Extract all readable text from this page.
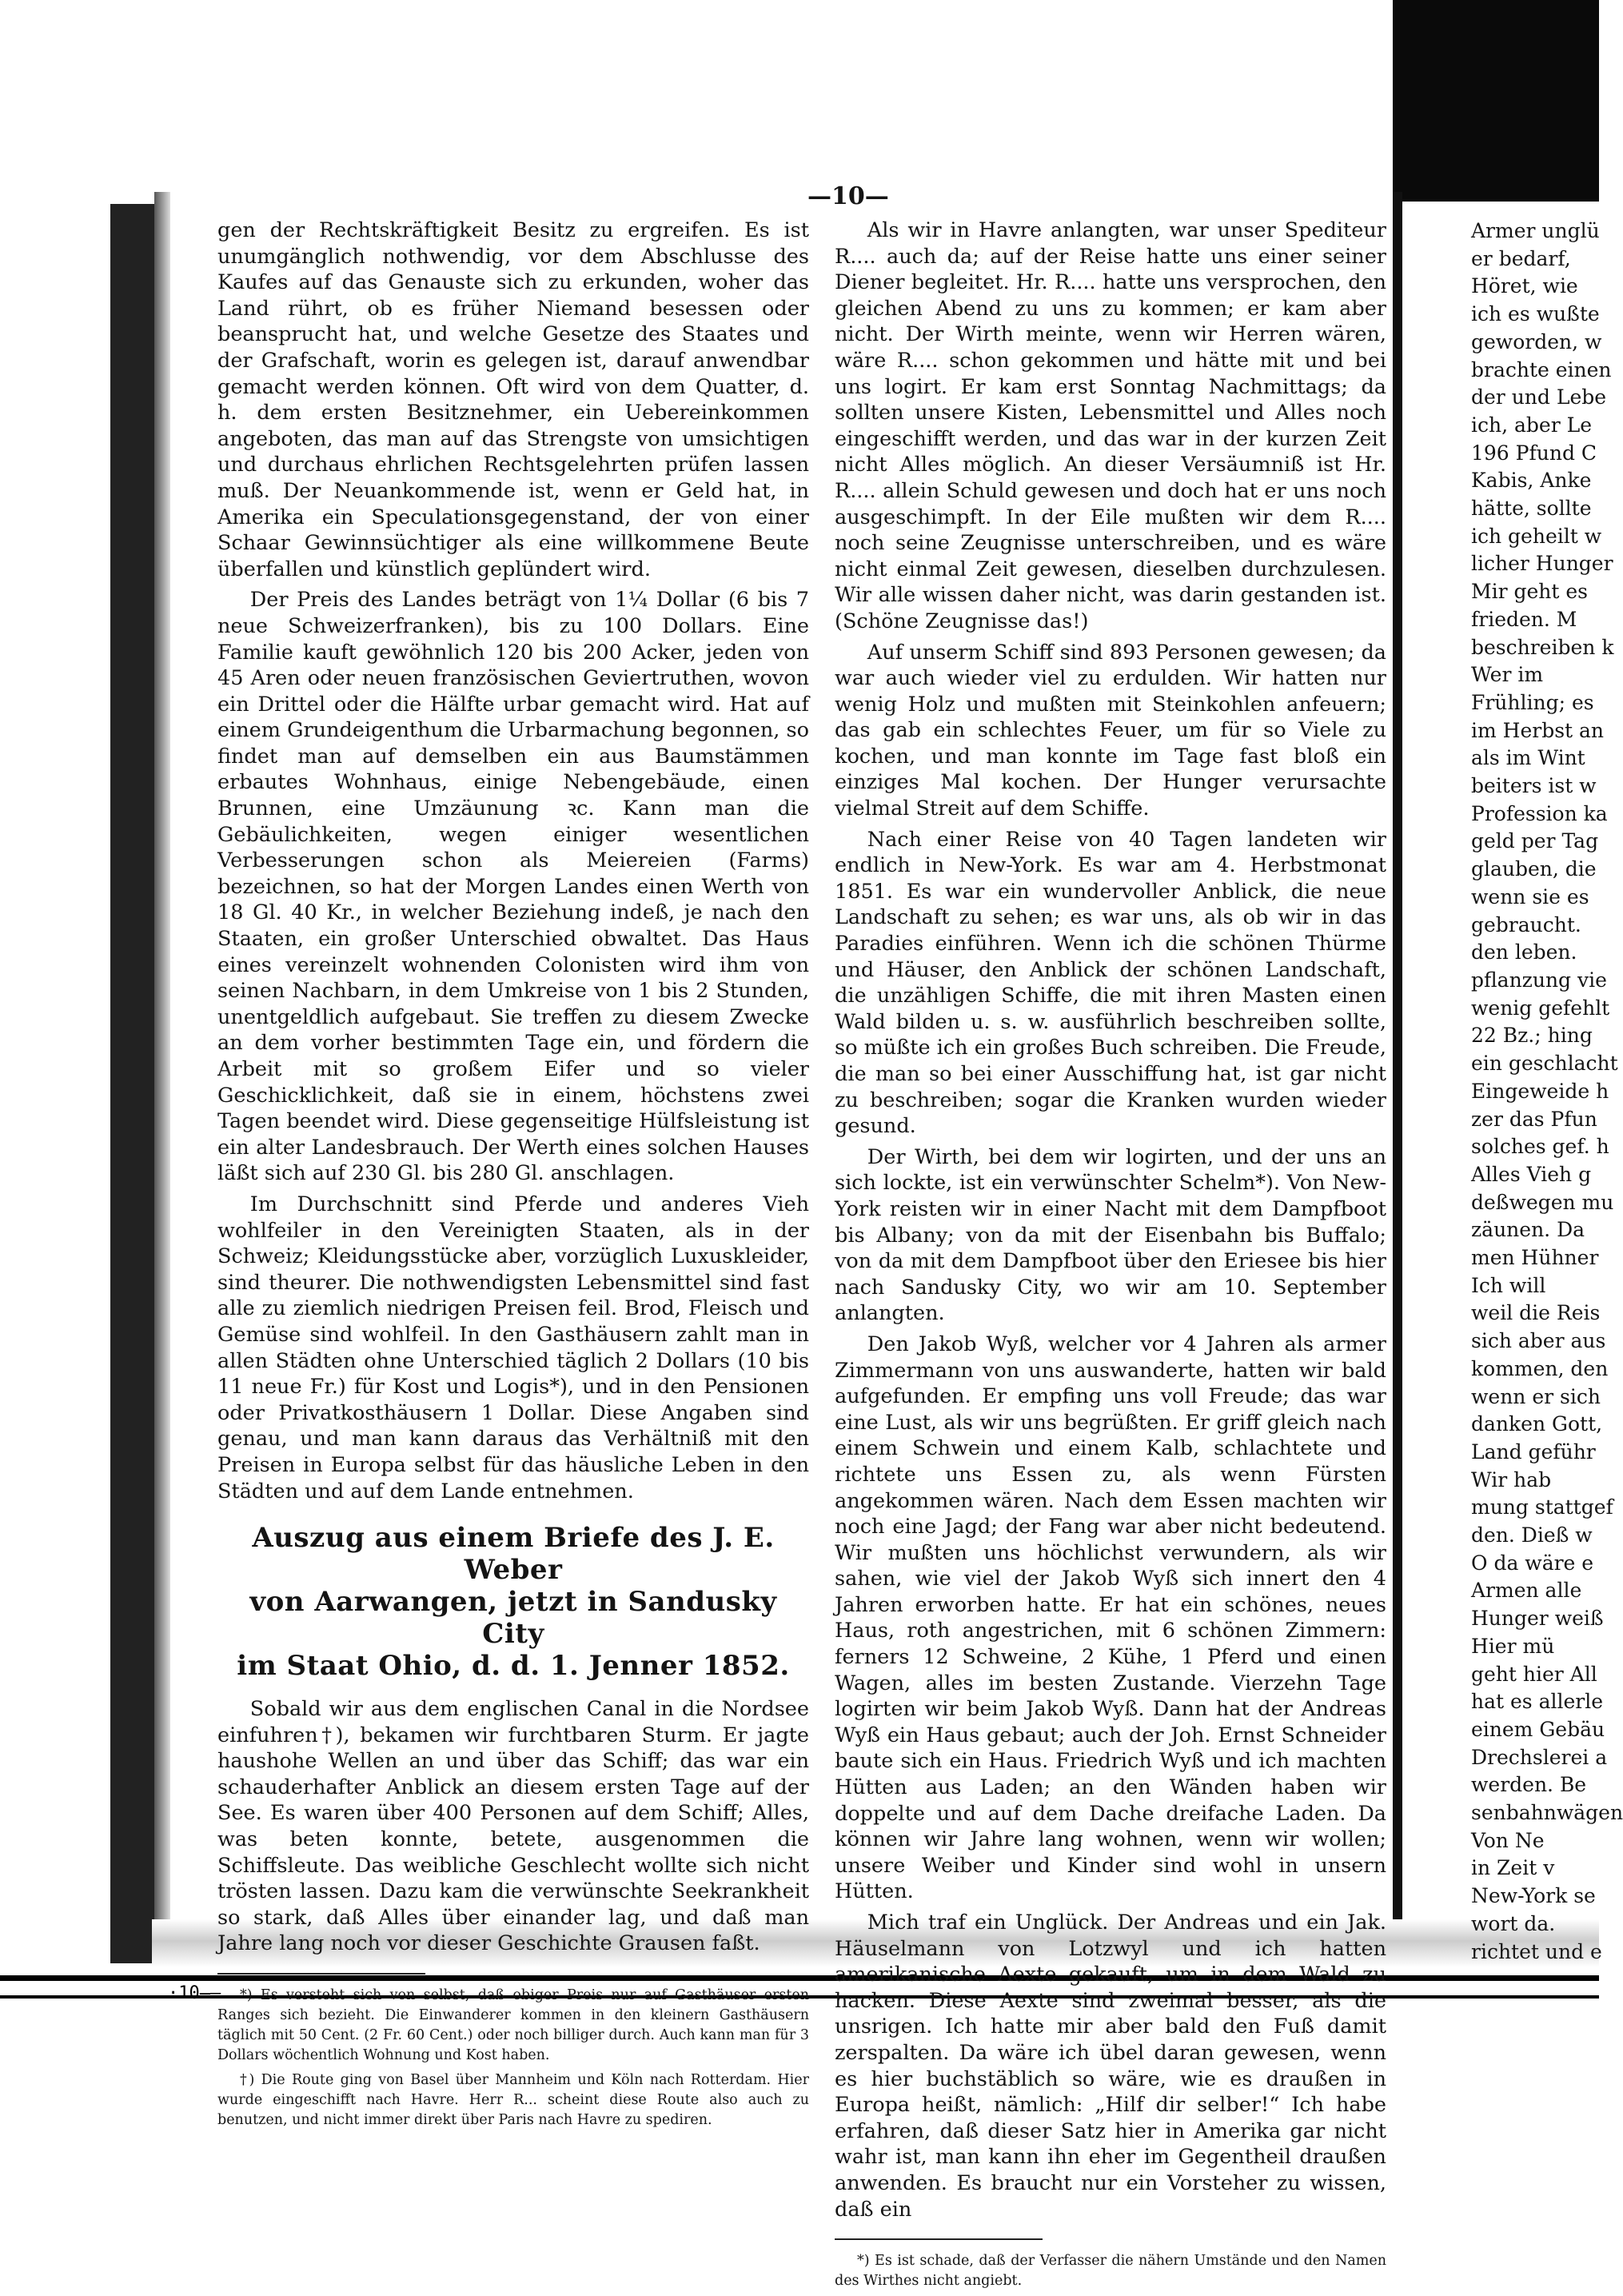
·10̶—
—10—

gen der Rechtskräftigkeit Besitz zu ergreifen. Es ist unumgänglich nothwendig, vor dem Abschlusse des Kaufes auf das Genauste sich zu erkunden, woher das Land rührt, ob es früher Niemand besessen oder beansprucht hat, und welche Gesetze des Staates und der Grafschaft, worin es gelegen ist, darauf anwendbar gemacht werden können. Oft wird von dem Quatter, d. h. dem ersten Besitznehmer, ein Uebereinkommen angeboten, das man auf das Strengste von umsichtigen und durchaus ehrlichen Rechtsgelehrten prüfen lassen muß. Der Neuankommende ist, wenn er Geld hat, in Amerika ein Speculationsgegenstand, der von einer Schaar Gewinnsüchtiger als eine willkommene Beute überfallen und künstlich geplündert wird.

Der Preis des Landes beträgt von 1¼ Dollar (6 bis 7 neue Schweizerfranken), bis zu 100 Dollars. Eine Familie kauft gewöhnlich 120 bis 200 Acker, jeden von 45 Aren oder neuen französischen Geviertruthen, wovon ein Drittel oder die Hälfte urbar gemacht wird. Hat auf einem Grundeigenthum die Urbarmachung begonnen, so findet man auf demselben ein aus Baumstämmen erbautes Wohnhaus, einige Nebengebäude, einen Brunnen, eine Umzäunung ꝛc. Kann man die Gebäulichkeiten, wegen einiger wesentlichen Verbesserungen schon als Meiereien (Farms) bezeichnen, so hat der Morgen Landes einen Werth von 18 Gl. 40 Kr., in welcher Beziehung indeß, je nach den Staaten, ein großer Unterschied obwaltet. Das Haus eines vereinzelt wohnenden Colonisten wird ihm von seinen Nachbarn, in dem Umkreise von 1 bis 2 Stunden, unentgeldlich aufgebaut. Sie treffen zu diesem Zwecke an dem vorher bestimmten Tage ein, und fördern die Arbeit mit so großem Eifer und so vieler Geschicklichkeit, daß sie in einem, höchstens zwei Tagen beendet wird. Diese gegenseitige Hülfsleistung ist ein alter Landesbrauch. Der Werth eines solchen Hauses läßt sich auf 230 Gl. bis 280 Gl. anschlagen.

Im Durchschnitt sind Pferde und anderes Vieh wohlfeiler in den Vereinigten Staaten, als in der Schweiz; Kleidungsstücke aber, vorzüglich Luxuskleider, sind theurer. Die nothwendigsten Lebensmittel sind fast alle zu ziemlich niedrigen Preisen feil. Brod, Fleisch und Gemüse sind wohlfeil. In den Gasthäusern zahlt man in allen Städten ohne Unterschied täglich 2 Dollars (10 bis 11 neue Fr.) für Kost und Logis*), und in den Pensionen oder Privatkosthäusern 1 Dollar. Diese Angaben sind genau, und man kann daraus das Verhältniß mit den Preisen in Europa selbst für das häusliche Leben in den Städten und auf dem Lande entnehmen.

Auszug aus einem Briefe des J. E. Weber
von Aarwangen, jetzt in Sandusky City
im Staat Ohio, d. d. 1. Jenner 1852.

Sobald wir aus dem englischen Canal in die Nordsee einfuhren†), bekamen wir furchtbaren Sturm. Er jagte haushohe Wellen an und über das Schiff; das war ein schauderhafter Anblick an diesem ersten Tage auf der See. Es waren über 400 Personen auf dem Schiff; Alles, was beten konnte, betete, ausgenommen die Schiffsleute. Das weibliche Geschlecht wollte sich nicht trösten lassen. Dazu kam die verwünschte Seekrankheit so stark, daß Alles über einander lag, und daß man Jahre lang noch vor dieser Geschichte Grausen faßt.

*) Es versteht sich von selbst, daß obiger Preis nur auf Gasthäuser ersten Ranges sich bezieht. Die Einwanderer kommen in den kleinern Gasthäusern täglich mit 50 Cent. (2 Fr. 60 Cent.) oder noch billiger durch. Auch kann man für 3 Dollars wöchentlich Wohnung und Kost haben.

†) Die Route ging von Basel über Mannheim und Köln nach Rotterdam. Hier wurde eingeschifft nach Havre. Herr R... scheint diese Route also auch zu benutzen, und nicht immer direkt über Paris nach Havre zu spediren.

Als wir in Havre anlangten, war unser Spediteur R.... auch da; auf der Reise hatte uns einer seiner Diener begleitet. Hr. R.... hatte uns versprochen, den gleichen Abend zu uns zu kommen; er kam aber nicht. Der Wirth meinte, wenn wir Herren wären, wäre R.... schon gekommen und hätte mit und bei uns logirt. Er kam erst Sonntag Nachmittags; da sollten unsere Kisten, Lebensmittel und Alles noch eingeschifft werden, und das war in der kurzen Zeit nicht Alles möglich. An dieser Versäumniß ist Hr. R.... allein Schuld gewesen und doch hat er uns noch ausgeschimpft. In der Eile mußten wir dem R.... noch seine Zeugnisse unterschreiben, und es wäre nicht einmal Zeit gewesen, dieselben durchzulesen. Wir alle wissen daher nicht, was darin gestanden ist. (Schöne Zeugnisse das!)

Auf unserm Schiff sind 893 Personen gewesen; da war auch wieder viel zu erdulden. Wir hatten nur wenig Holz und mußten mit Steinkohlen anfeuern; das gab ein schlechtes Feuer, um für so Viele zu kochen, und man konnte im Tage fast bloß ein einziges Mal kochen. Der Hunger verursachte vielmal Streit auf dem Schiffe.

Nach einer Reise von 40 Tagen landeten wir endlich in New-York. Es war am 4. Herbstmonat 1851. Es war ein wundervoller Anblick, die neue Landschaft zu sehen; es war uns, als ob wir in das Paradies einführen. Wenn ich die schönen Thürme und Häuser, den Anblick der schönen Landschaft, die unzähligen Schiffe, die mit ihren Masten einen Wald bilden u. s. w. ausführlich beschreiben sollte, so müßte ich ein großes Buch schreiben. Die Freude, die man so bei einer Ausschiffung hat, ist gar nicht zu beschreiben; sogar die Kranken wurden wieder gesund.

Der Wirth, bei dem wir logirten, und der uns an sich lockte, ist ein verwünschter Schelm*). Von New-York reisten wir in einer Nacht mit dem Dampfboot bis Albany; von da mit der Eisenbahn bis Buffalo; von da mit dem Dampfboot über den Eriesee bis hier nach Sandusky City, wo wir am 10. September anlangten.

Den Jakob Wyß, welcher vor 4 Jahren als armer Zimmermann von uns auswanderte, hatten wir bald aufgefunden. Er empfing uns voll Freude; das war eine Lust, als wir uns begrüßten. Er griff gleich nach einem Schwein und einem Kalb, schlachtete und richtete uns Essen zu, als wenn Fürsten angekommen wären. Nach dem Essen machten wir noch eine Jagd; der Fang war aber nicht bedeutend. Wir mußten uns höchlichst verwundern, als wir sahen, wie viel der Jakob Wyß sich innert den 4 Jahren erworben hatte. Er hat ein schönes, neues Haus, roth angestrichen, mit 6 schönen Zimmern: ferners 12 Schweine, 2 Kühe, 1 Pferd und einen Wagen, alles im besten Zustande. Vierzehn Tage logirten wir beim Jakob Wyß. Dann hat der Andreas Wyß ein Haus gebaut; auch der Joh. Ernst Schneider baute sich ein Haus. Friedrich Wyß und ich machten Hütten aus Laden; an den Wänden haben wir doppelte und auf dem Dache dreifache Laden. Da können wir Jahre lang wohnen, wenn wir wollen; unsere Weiber und Kinder sind wohl in unsern Hütten.

Mich traf ein Unglück. Der Andreas und ein Jak. Häuselmann von Lotzwyl und ich hatten amerikanische Aexte gekauft, um in dem Wald zu hacken. Diese Aexte sind zweimal besser, als die unsrigen. Ich hatte mir aber bald den Fuß damit zerspalten. Da wäre ich übel daran gewesen, wenn es hier buchstäblich so wäre, wie es draußen in Europa heißt, nämlich: „Hilf dir selber!“ Ich habe erfahren, daß dieser Satz hier in Amerika gar nicht wahr ist, man kann ihn eher im Gegentheil draußen anwenden. Es braucht nur ein Vorsteher zu wissen, daß ein

*) Es ist schade, daß der Verfasser die nähern Umstände und den Namen des Wirthes nicht angiebt.

Armer unglü
er bedarf,
Höret, wie
ich es wußte
geworden, w
brachte einen
der und Lebe
ich, aber Le
196 Pfund C
Kabis, Anke
hätte, sollte
ich geheilt w
licher Hunger
Mir geht es
frieden. M
beschreiben k
Wer im
Frühling; es
im Herbst an
als im Wint
beiters ist w
Profession ka
geld per Tag
glauben, die
wenn sie es
gebraucht.
den leben.
pflanzung vie
wenig gefehlt
22 Bz.; hing
ein geschlacht
Eingeweide h
zer das Pfun
solches gef. h
Alles Vieh g
deßwegen mu
zäunen. Da
men Hühner
Ich will
weil die Reis
sich aber aus
kommen, den
wenn er sich
danken Gott,
Land geführ
Wir hab
mung stattgef
den. Dieß w
O da wäre e
Armen alle
Hunger weiß
Hier mü
geht hier All
hat es allerle
einem Gebäu
Drechslerei a
werden. Be
senbahnwägen
Von Ne
in Zeit v
New-York se
wort da.
richtet und e
